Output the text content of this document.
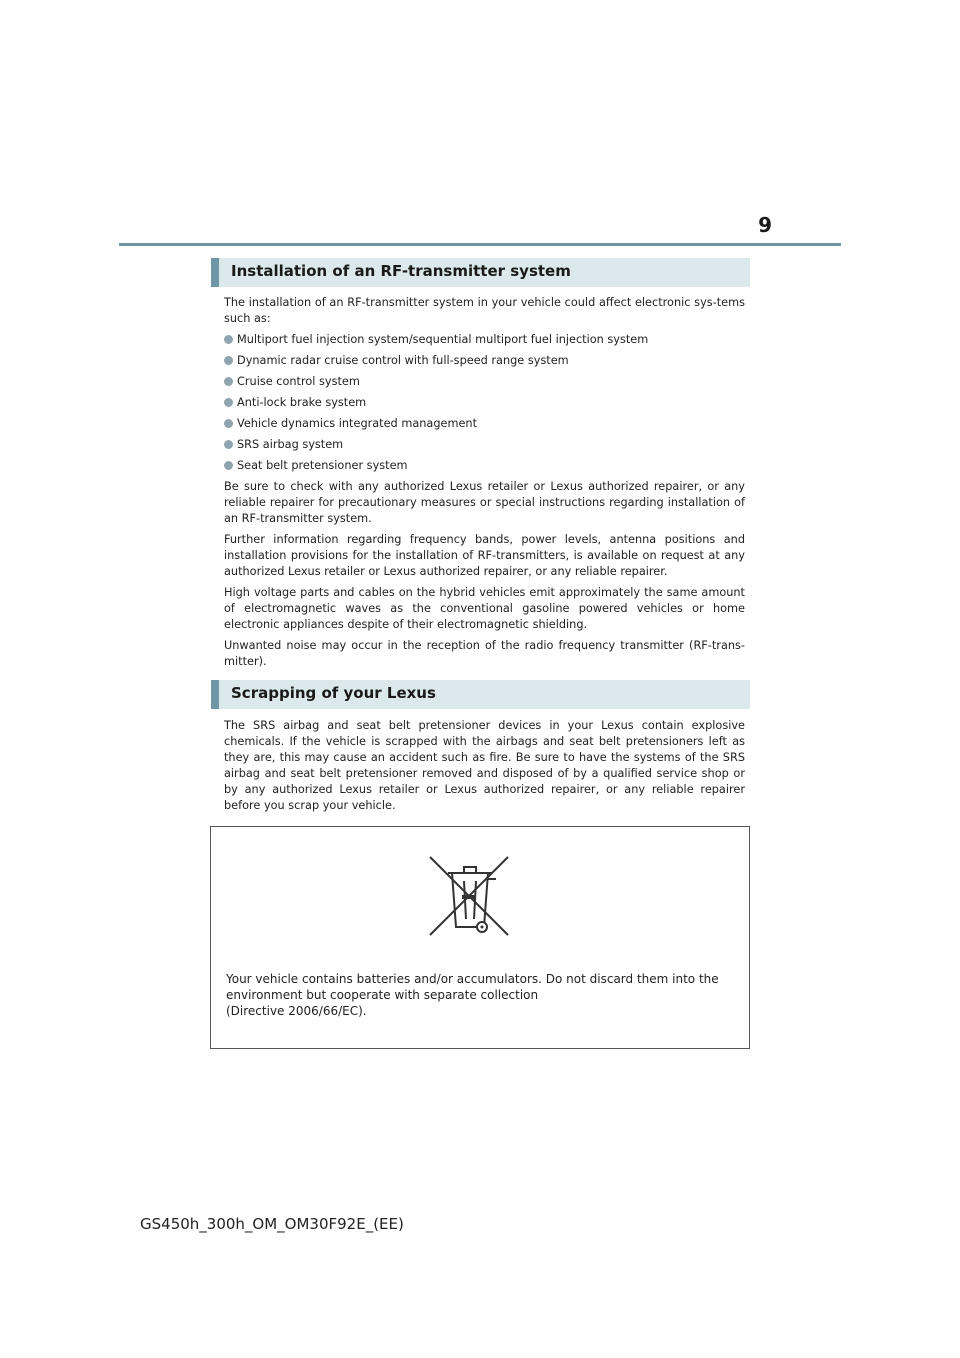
9
Installation of an RF-transmitter system

The installation of an RF-transmitter system in your vehicle could affect electronic sys-tems such as:

Multiport fuel injection system/sequential multiport fuel injection system
Dynamic radar cruise control with full-speed range system
Cruise control system
Anti-lock brake system
Vehicle dynamics integrated management
SRS airbag system
Seat belt pretensioner system

Be sure to check with any authorized Lexus retailer or Lexus authorized repairer, or any reliable repairer for precautionary measures or special instructions regarding installation of an RF-transmitter system.

Further information regarding frequency bands, power levels, antenna positions and installation provisions for the installation of RF-transmitters, is available on request at any authorized Lexus retailer or Lexus authorized repairer, or any reliable repairer.

High voltage parts and cables on the hybrid vehicles emit approximately the same amount of electromagnetic waves as the conventional gasoline powered vehicles or home electronic appliances despite of their electromagnetic shielding.

Unwanted noise may occur in the reception of the radio frequency transmitter (RF-trans-mitter).

Scrapping of your Lexus

The SRS airbag and seat belt pretensioner devices in your Lexus contain explosive chemicals. If the vehicle is scrapped with the airbags and seat belt pretensioners left as they are, this may cause an accident such as fire. Be sure to have the systems of the SRS airbag and seat belt pretensioner removed and disposed of by a qualified service shop or by any authorized Lexus retailer or Lexus authorized repairer, or any reliable repairer before you scrap your vehicle.

Your vehicle contains batteries and/or accumulators. Do not discard them into the environment but cooperate with separate collection
(Directive 2006/66/EC).

GS450h_300h_OM_OM30F92E_(EE)
